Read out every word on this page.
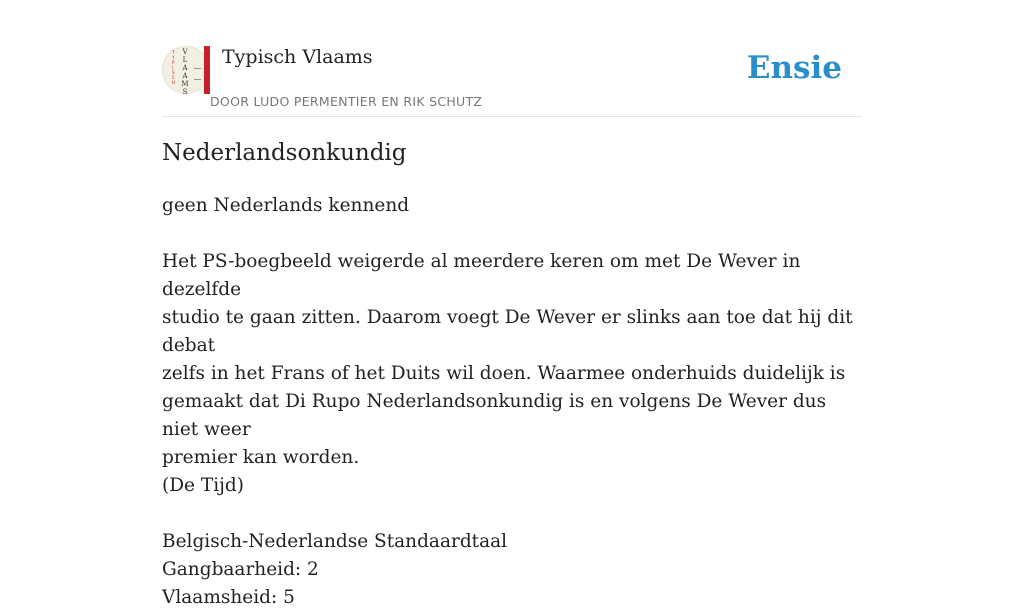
T
Y
P
I
S
C
H
V
L
A
A
M
S
Typisch Vlaams
DOOR LUDO PERMENTIER EN RIK SCHUTZ
Ensie
Nederlandsonkundig

geen Nederlands kennend

Het PS-boegbeeld weigerde al meerdere keren om met De Wever in dezelfde

studio te gaan zitten. Daarom voegt De Wever er slinks aan toe dat hij dit debat

zelfs in het Frans of het Duits wil doen. Waarmee onderhuids duidelijk is

gemaakt dat Di Rupo Nederlandsonkundig is en volgens De Wever dus niet weer

premier kan worden.

(De Tijd)

Belgisch-Nederlandse Standaardtaal

Gangbaarheid: 2

Vlaamsheid: 5
